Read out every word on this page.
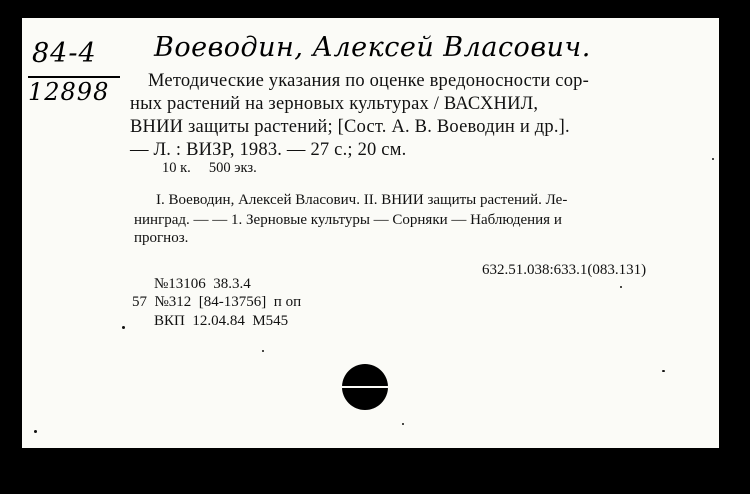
84-4
12898
Воеводин, Алексей Власович.
Методические указания по оценке вредоносности сор-
ных растений на зерновых культурах / ВАСХНИЛ,
ВНИИ защиты растений; [Сост. А. В. Воеводин и др.].
— Л. : ВИЗР, 1983. — 27 с.; 20 см.
10 к.     500 экз.
I. Воеводин, Алексей Власович. II. ВНИИ защиты растений. Ле-
нинград. — — 1. Зерновые культуры — Сорняки — Наблюдения и
прогноз.
632.51.038:633.1(083.131)
№13106  38.3.4
57  №312  [84-13756]  п оп
ВКП  12.04.84  М545
